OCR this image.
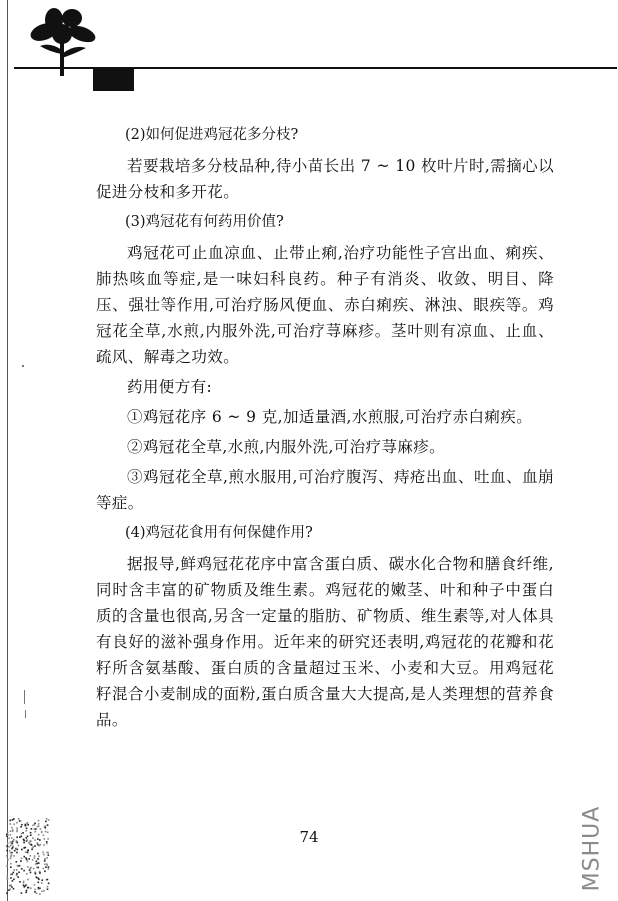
(2)如何促进鸡冠花多分枝?

若要栽培多分枝品种,待小苗长出 7 ~ 10 枚叶片时,需摘心以促进分枝和多开花。

(3)鸡冠花有何药用价值?

鸡冠花可止血凉血、止带止痢,治疗功能性子宫出血、痢疾、肺热咳血等症,是一味妇科良药。种子有消炎、收敛、明目、降压、强壮等作用,可治疗肠风便血、赤白痢疾、淋浊、眼疾等。鸡冠花全草,水煎,内服外洗,可治疗荨麻疹。茎叶则有凉血、止血、疏风、解毒之功效。

药用便方有:

①鸡冠花序 6 ~ 9 克,加适量酒,水煎服,可治疗赤白痢疾。

②鸡冠花全草,水煎,内服外洗,可治疗荨麻疹。

③鸡冠花全草,煎水服用,可治疗腹泻、痔疮出血、吐血、血崩等症。

(4)鸡冠花食用有何保健作用?

据报导,鲜鸡冠花花序中富含蛋白质、碳水化合物和膳食纤维,同时含丰富的矿物质及维生素。鸡冠花的嫩茎、叶和种子中蛋白质的含量也很高,另含一定量的脂肪、矿物质、维生素等,对人体具有良好的滋补强身作用。近年来的研究还表明,鸡冠花的花瓣和花籽所含氨基酸、蛋白质的含量超过玉米、小麦和大豆。用鸡冠花籽混合小麦制成的面粉,蛋白质含量大大提高,是人类理想的营养食品。

74	MSHUA
